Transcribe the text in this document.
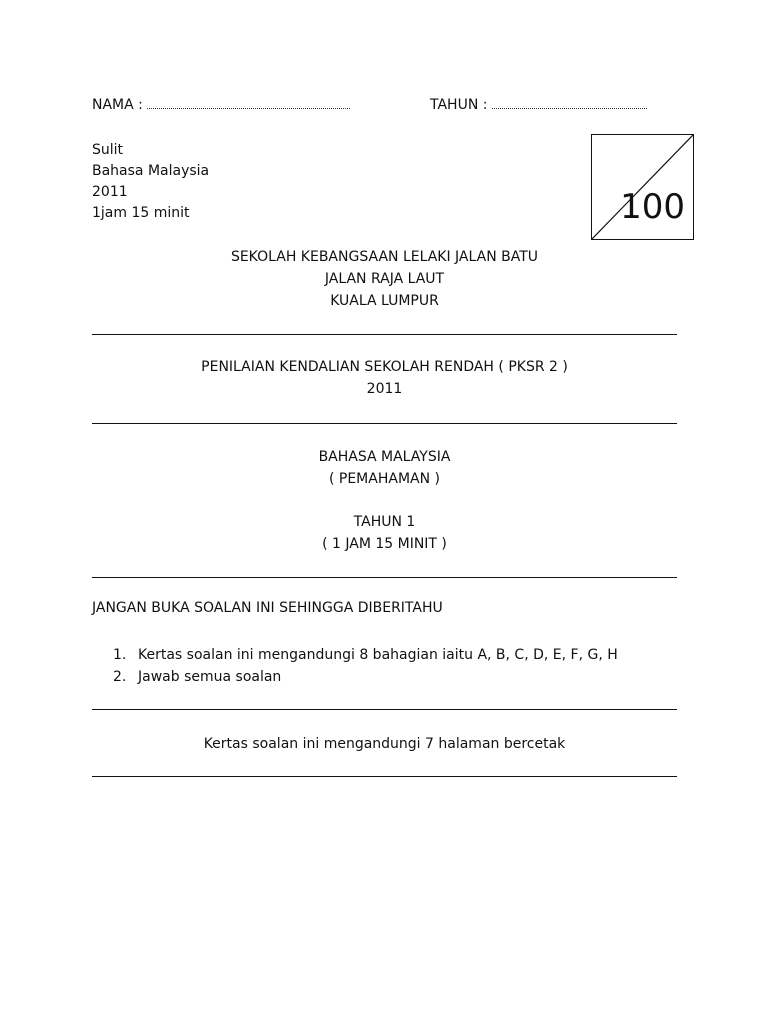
NAMA :	TAHUN :
Sulit
Bahasa Malaysia
2011
1jam 15 minit	100
SEKOLAH KEBANGSAAN LELAKI JALAN BATU
JALAN RAJA LAUT
KUALA LUMPUR
PENILAIAN KENDALIAN SEKOLAH RENDAH ( PKSR 2 )
2011
BAHASA MALAYSIA
( PEMAHAMAN )
TAHUN 1
( 1 JAM 15 MINIT )
JANGAN BUKA SOALAN INI SEHINGGA DIBERITAHU
1. Kertas soalan ini mengandungi 8 bahagian iaitu A, B, C, D, E, F, G, H
2. Jawab semua soalan
Kertas soalan ini mengandungi 7 halaman bercetak
